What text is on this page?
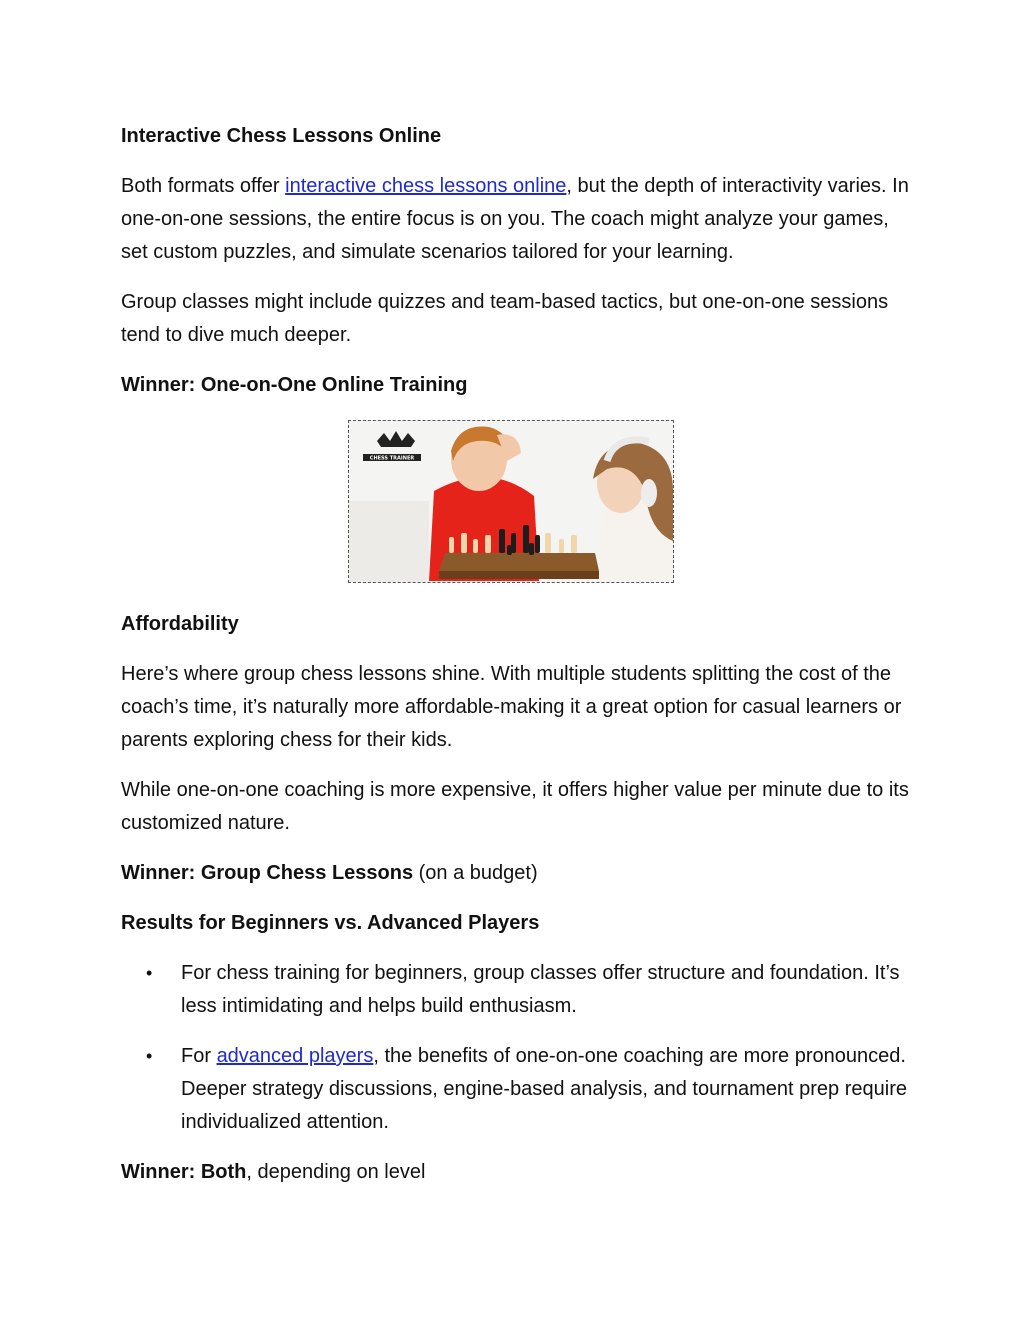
Interactive Chess Lessons Online

Both formats offer interactive chess lessons online, but the depth of interactivity varies. In one-on-one sessions, the entire focus is on you. The coach might analyze your games, set custom puzzles, and simulate scenarios tailored for your learning.

Group classes might include quizzes and team-based tactics, but one-on-one sessions tend to dive much deeper.

Winner: One-on-One Online Training

CHESS TRAINER

Affordability

Here’s where group chess lessons shine. With multiple students splitting the cost of the coach’s time, it’s naturally more affordable-making it a great option for casual learners or parents exploring chess for their kids.

While one-on-one coaching is more expensive, it offers higher value per minute due to its customized nature.

Winner: Group Chess Lessons (on a budget)

Results for Beginners vs. Advanced Players

• For chess training for beginners, group classes offer structure and foundation. It’s less intimidating and helps build enthusiasm.
• For advanced players, the benefits of one-on-one coaching are more pronounced. Deeper strategy discussions, engine-based analysis, and tournament prep require individualized attention.

Winner: Both, depending on level
